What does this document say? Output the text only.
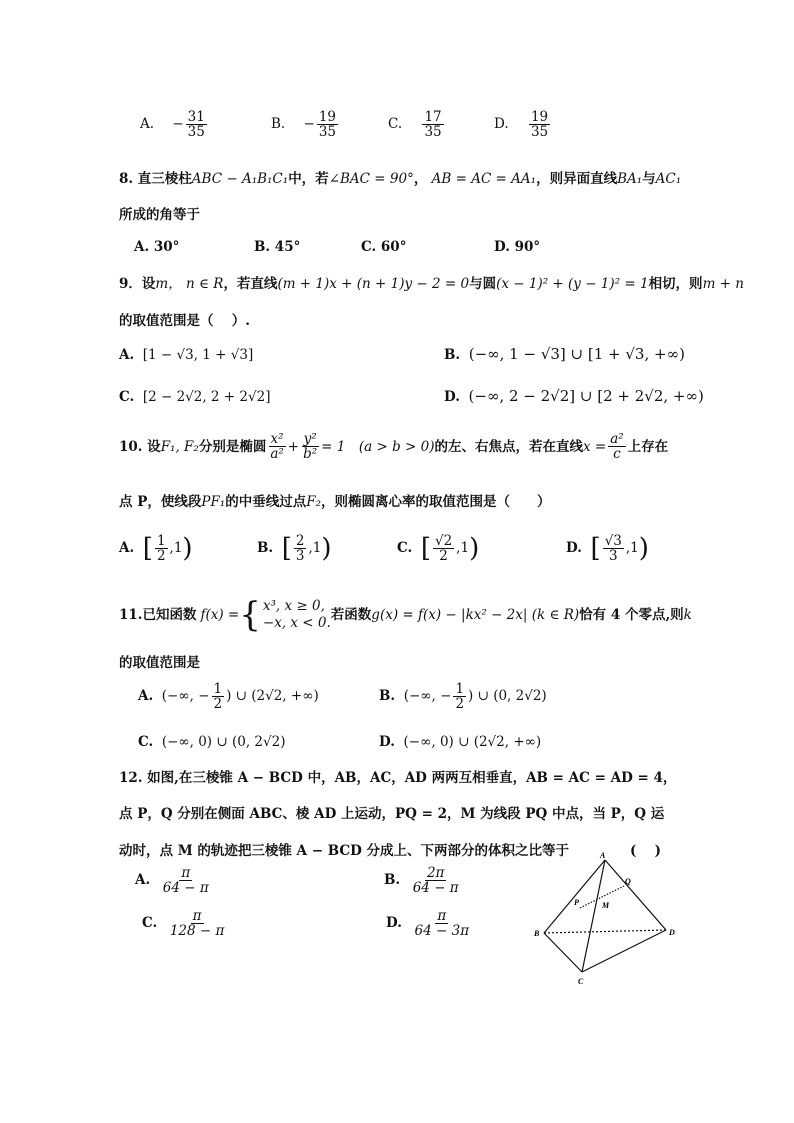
A. − $\frac{31}{35}$	B. − $\frac{19}{35}$	C. $\frac{17}{35}$	D. $\frac{19}{35}$
8. 直三棱柱ABC − A₁B₁C₁中，若∠BAC = 90°， AB = AC = AA₁，则异面直线BA₁与AC₁
所成的角等于
A. 30°	B. 45°	C. 60°	D. 90°
9．设m， n ∈ R，若直线(m + 1)x + (n + 1)y − 2 = 0与圆(x − 1)² + (y − 1)² = 1相切，则m + n
的取值范围是（　 ）.
A. [1 − √3, 1 + √3]	B. (−∞, 1 − √3] ∪ [1 + √3, +∞)
C. [2 − 2√2, 2 + 2√2]	D. (−∞, 2 − 2√2] ∪ [2 + 2√2, +∞)
10. 设 F₁, F₂ 分别是椭圆 $\frac{\text{x²}}{\text{a²}} + \frac{\text{y²}}{\text{b²}} = 1$　(a > b > 0) 的左、右焦点，若在直线 $x = \frac{\text{a²}}{c}$ 上存在
点 P，使线段PF₁的中垂线过点F₂，则椭圆离心率的取值范围是（　　）
A. [ $\frac{1}{2} ,1$)	B. [ $\frac{2}{3} ,1$)	C. [ $\frac{√2}{2} ,1$)	D. [ $\frac{√3}{3} ,1$)
11.已知函数 f(x) = { x³, x ≥ 0,
−x, x < 0.
若函数 g(x) = f(x) − |kx² − 2x| (k ∈ R) 恰有 4 个零点,则 k
的取值范围是
A. (−∞, − $\frac{1}{2}$ ) ∪ (2√2, +∞)	B. (−∞, − $\frac{1}{2}$ ) ∪ (0, 2√2)
C. (−∞, 0) ∪ (0, 2√2)	D. (−∞, 0) ∪ (2√2, +∞)
12. 如图,在三棱锥 A − BCD 中，AB，AC，AD 两两互相垂直，AB = AC = AD = 4，
点 P，Q 分别在侧面 ABC、棱 AD 上运动，PQ = 2，M 为线段 PQ 中点，当 P，Q 运
动时，点 M 的轨迹把三棱锥 A − BCD 分成上、下两部分的体积之比等于	(　 )
A. $\frac{\pi}{64 - \pi}$	B. $\frac{2\pi}{64 - \pi}$
C. $\frac{\pi}{128 - \pi}$	D. $\frac{\pi}{64 - 3\pi}$
A
B
C
D
P
Q
M
